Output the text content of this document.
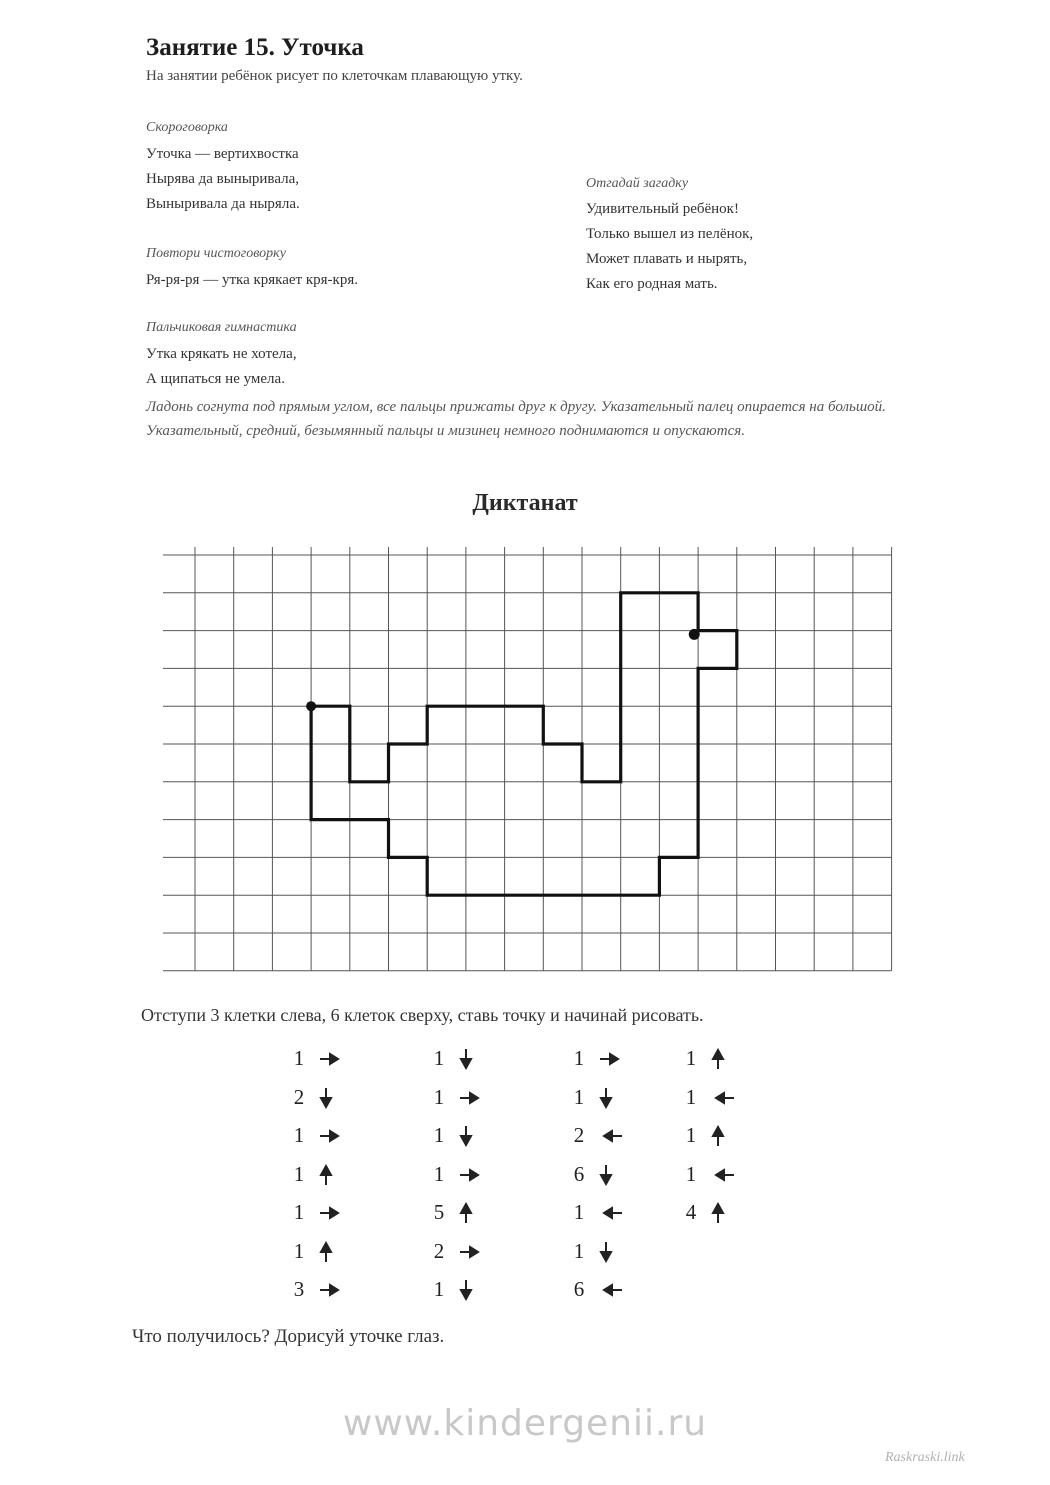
Занятие 15. Уточка
На занятии ребёнок рисует по клеточкам плавающую утку.
Скороговорка
Уточка — вертихвостка
Нырява да выныривала,
Выныривала да ныряла.
Отгадай загадку
Удивительный ребёнок!
Только вышел из пелёнок,
Может плавать и нырять,
Как его родная мать.
Повтори чистоговорку
Ря-ря-ря — утка крякает кря-кря.
Пальчиковая гимнастика
Утка крякать не хотела,
А щипаться не умела.
Ладонь согнута под прямым углом, все пальцы прижаты друг к другу. Указательный палец опирается на большой. Указательный, средний, безымянный пальцы и мизинец немного поднимаются и опускаются.
Диктанат
Отступи 3 клетки слева, 6 клеток сверху, ставь точку и начинай рисовать.
1
2
1
1
1
1
3
1
1
1
1
5
2
1
1
1
2
6
1
1
6
1
1
1
1
4
Что получилось? Дорисуй уточке глаз.
www.kindergenii.ru
Raskraski.link
